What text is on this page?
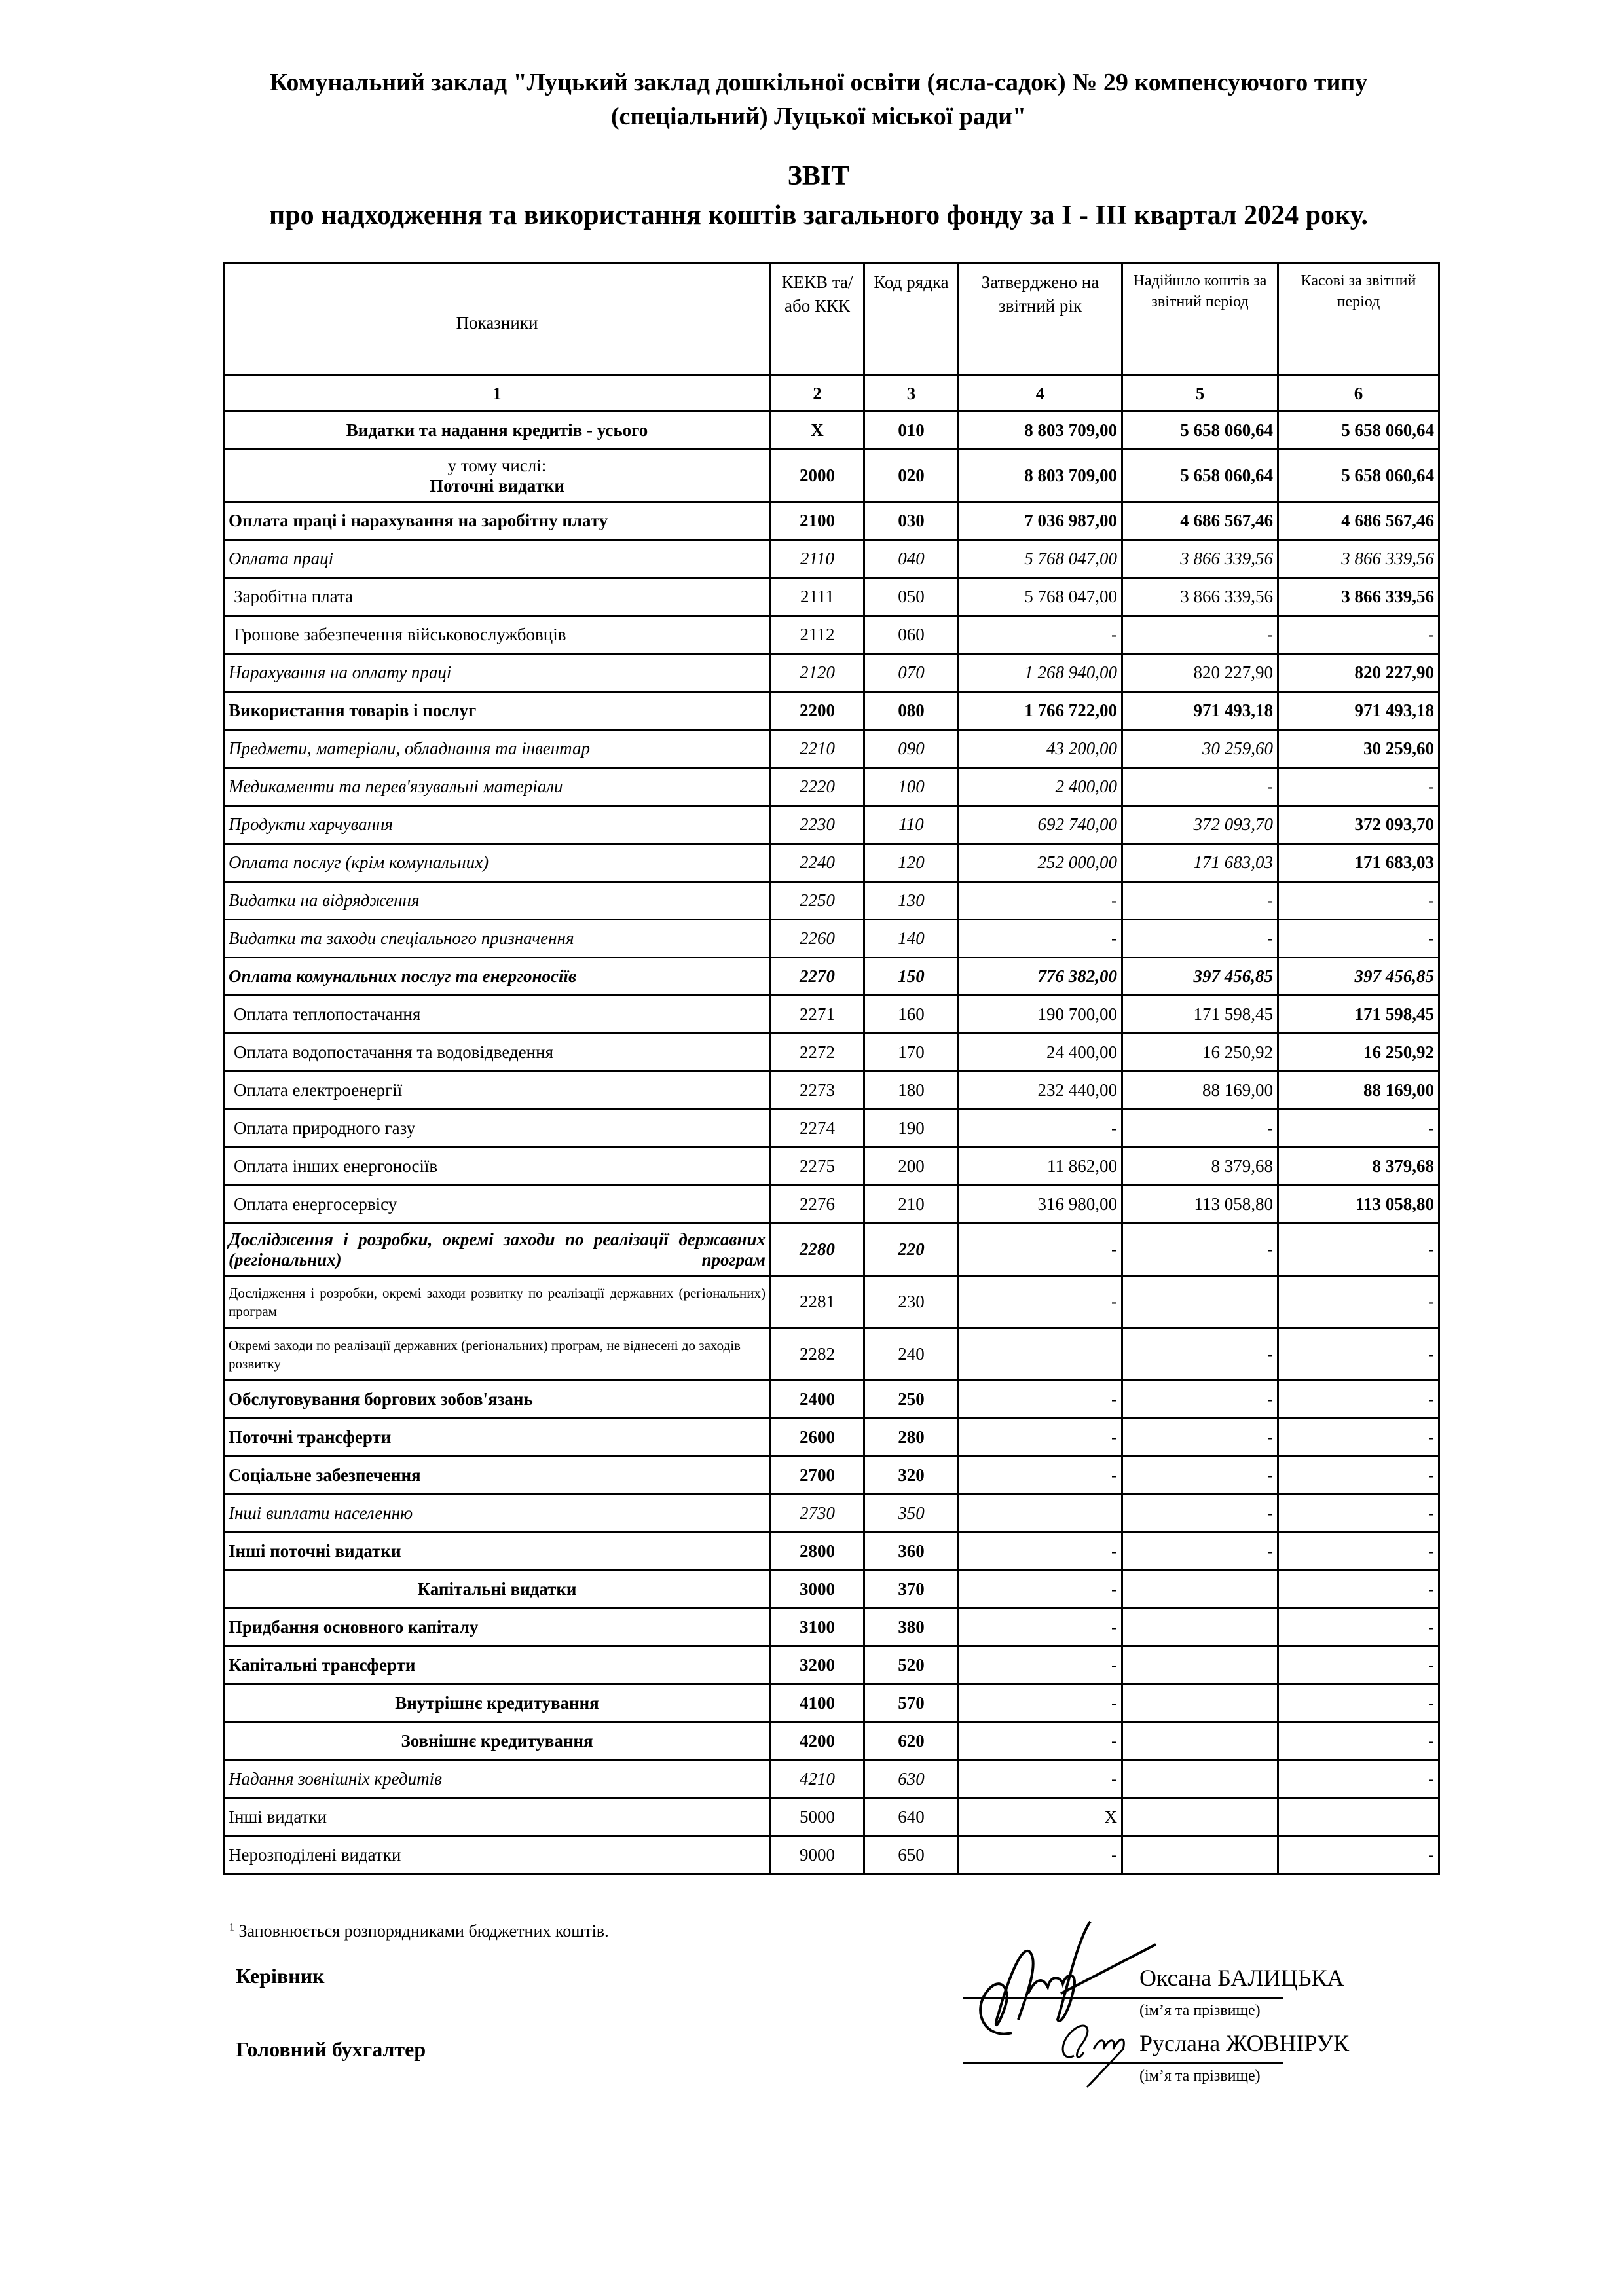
Комунальний заклад "Луцький заклад дошкільної освіти (ясла-садок) № 29 компенсуючого типу
(спеціальний) Луцької міської ради"
ЗВІТ
про надходження та використання коштів загального фонду за І - ІІІ квартал 2024 року.
Показники	КЕКВ та/або ККК	Код рядка	Затверджено на звітний рік	Надійшло коштів за звітний період	Касові за звітний період
1	2	3	4	5	6
Видатки та надання кредитів - усього	X	010	8 803 709,00	5 658 060,64	5 658 060,64

у тому числі:
Поточні видатки	2000	020	8 803 709,00	5 658 060,64	5 658 060,64
Оплата праці і нарахування на заробітну плату	2100	030	7 036 987,00	4 686 567,46	4 686 567,46
Оплата праці	2110	040	5 768 047,00	3 866 339,56	3 866 339,56
Заробітна плата	2111	050	5 768 047,00	3 866 339,56	3 866 339,56
Грошове забезпечення військовослужбовців	2112	060	-	-	-
Нарахування на оплату праці	2120	070	1 268 940,00	820 227,90	820 227,90
Використання товарів і послуг	2200	080	1 766 722,00	971 493,18	971 493,18
Предмети, матеріали, обладнання та інвентар	2210	090	43 200,00	30 259,60	30 259,60
Медикаменти та перев'язувальні матеріали	2220	100	2 400,00	-	-
Продукти харчування	2230	110	692 740,00	372 093,70	372 093,70
Оплата послуг (крім комунальних)	2240	120	252 000,00	171 683,03	171 683,03
Видатки на відрядження	2250	130	-	-	-
Видатки та заходи спеціального призначення	2260	140	-	-	-
Оплата комунальних послуг та енергоносіїв	2270	150	776 382,00	397 456,85	397 456,85
Оплата теплопостачання	2271	160	190 700,00	171 598,45	171 598,45
Оплата водопостачання та водовідведення	2272	170	24 400,00	16 250,92	16 250,92
Оплата електроенергії	2273	180	232 440,00	88 169,00	88 169,00
Оплата природного газу	2274	190	-	-	-
Оплата інших енергоносіїв	2275	200	11 862,00	8 379,68	8 379,68
Оплата енергосервісу	2276	210	316 980,00	113 058,80	113 058,80
Дослідження і розробки, окремі заходи по реалізації державних (регіональних) програм	2280	220	-	-	-
Дослідження і розробки, окремі заходи розвитку по реалізації державних (регіональних) програм	2281	230	-		-
Окремі заходи по реалізації державних (регіональних) програм, не віднесені до заходів розвитку	2282	240		-	-
Обслуговування боргових зобов'язань	2400	250	-	-	-
Поточні трансферти	2600	280	-	-	-
Соціальне забезпечення	2700	320	-	-	-
Інші виплати населенню	2730	350		-	-
Інші поточні видатки	2800	360	-	-	-
Капітальні видатки	3000	370	-		-
Придбання основного капіталу	3100	380	-		-
Капітальні трансферти	3200	520	-		-
Внутрішнє кредитування	4100	570	-		-
Зовнішнє кредитування	4200	620	-		-
Надання зовнішніх кредитів	4210	630	-		-
Інші видатки	5000	640	X		
Нерозподілені видатки	9000	650	-		-
$^1$ Заповнюється розпорядниками бюджетних коштів.
Керівник	Оксана БАЛИЦЬКА
(ім’я та прізвище)
Головний бухгалтер	Руслана ЖОВНІРУК
(ім’я та прізвище)
